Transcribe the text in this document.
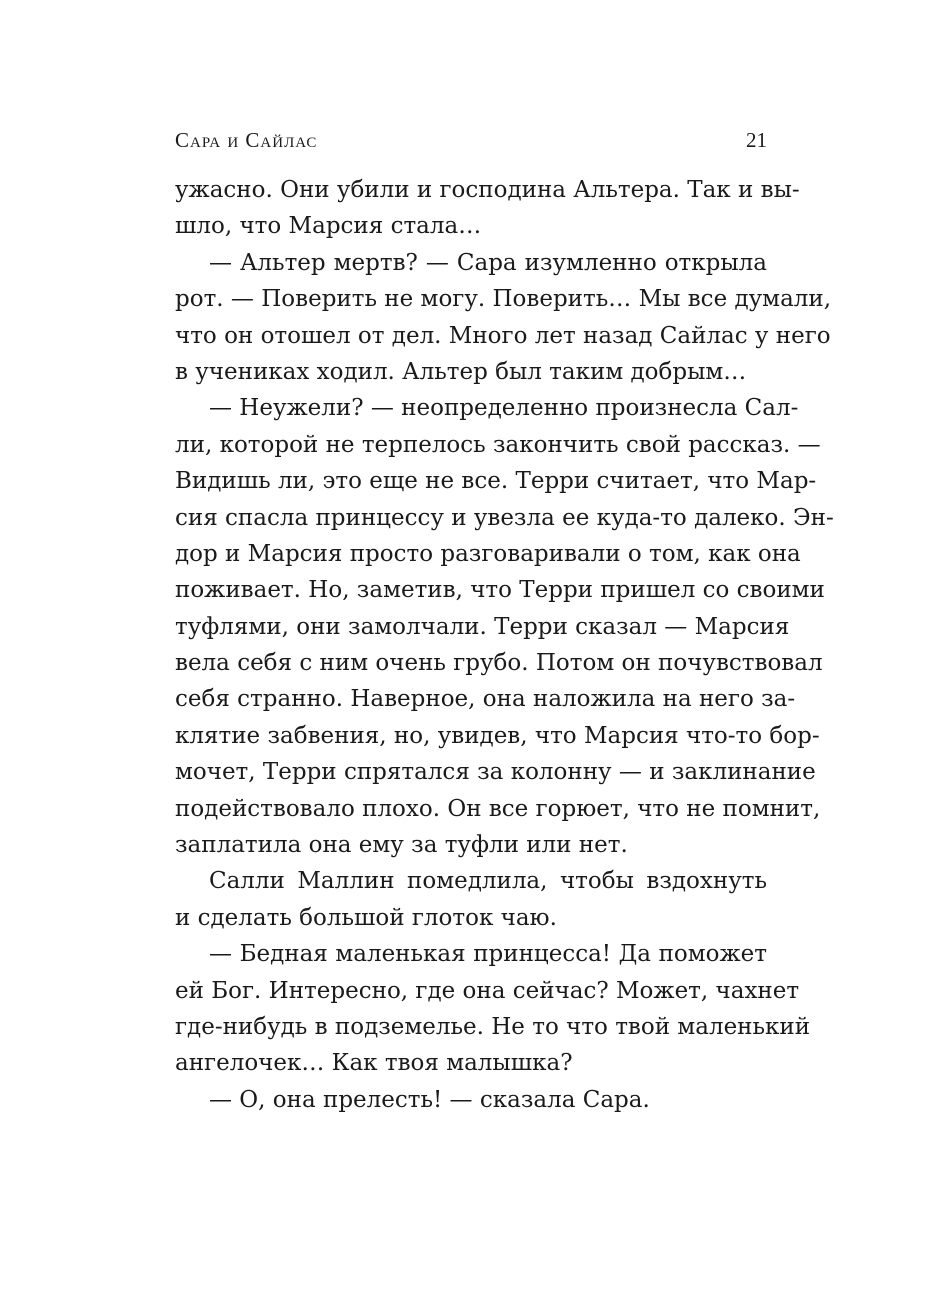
Сара и Сайлас	21
ужасно. Они убили и господина Альтера. Так и вы-
шло, что Марсия стала…
— Альтер мертв? — Сара изумленно открыла
рот. — Поверить не могу. Поверить… Мы все думали,
что он отошел от дел. Много лет назад Сайлас у него
в учениках ходил. Альтер был таким добрым…
— Неужели? — неопределенно произнесла Сал-
ли, которой не терпелось закончить свой рассказ. —
Видишь ли, это еще не все. Терри считает, что Мар-
сия спасла принцессу и увезла ее куда-то далеко. Эн-
дор и Марсия просто разговаривали о том, как она
поживает. Но, заметив, что Терри пришел со своими
туфлями, они замолчали. Терри сказал — Марсия
вела себя с ним очень грубо. Потом он почувствовал
себя странно. Наверное, она наложила на него за-
клятие забвения, но, увидев, что Марсия что-то бор-
мочет, Терри спрятался за колонну — и заклинание
подействовало плохо. Он все горюет, что не помнит,
заплатила она ему за туфли или нет.
Салли Маллин помедлила, чтобы вздохнуть
и сделать большой глоток чаю.
— Бедная маленькая принцесса! Да поможет
ей Бог. Интересно, где она сейчас? Может, чахнет
где-нибудь в подземелье. Не то что твой маленький
ангелочек… Как твоя малышка?
— О, она прелесть! — сказала Сара.
